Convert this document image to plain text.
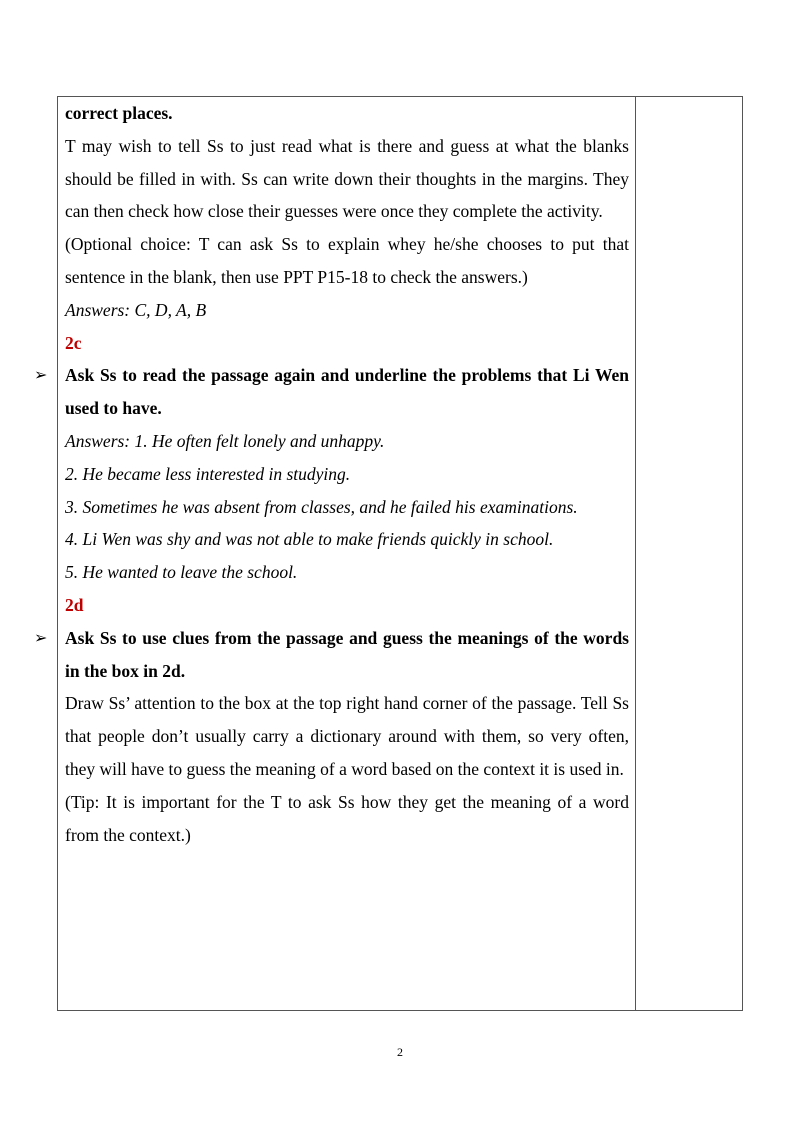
correct places.

T may wish to tell Ss to just read what is there and guess at what the blanks should be filled in with. Ss can write down their thoughts in the margins. They can then check how close their guesses were once they complete the activity.

(Optional choice: T can ask Ss to explain whey he/she chooses to put that sentence in the blank, then use PPT P15-18 to check the answers.)

Answers: C, D, A, B

2c

➢ Ask Ss to read the passage again and underline the problems that Li Wen used to have.

Answers: 1. He often felt lonely and unhappy.

2. He became less interested in studying.

3. Sometimes he was absent from classes, and he failed his examinations.

4. Li Wen was shy and was not able to make friends quickly in school.

5. He wanted to leave the school.

2d

➢ Ask Ss to use clues from the passage and guess the meanings of the words in the box in 2d.

Draw Ss’ attention to the box at the top right hand corner of the passage. Tell Ss that people don’t usually carry a dictionary around with them, so very often, they will have to guess the meaning of a word based on the context it is used in.

(Tip: It is important for the T to ask Ss how they get the meaning of a word from the context.)

2
